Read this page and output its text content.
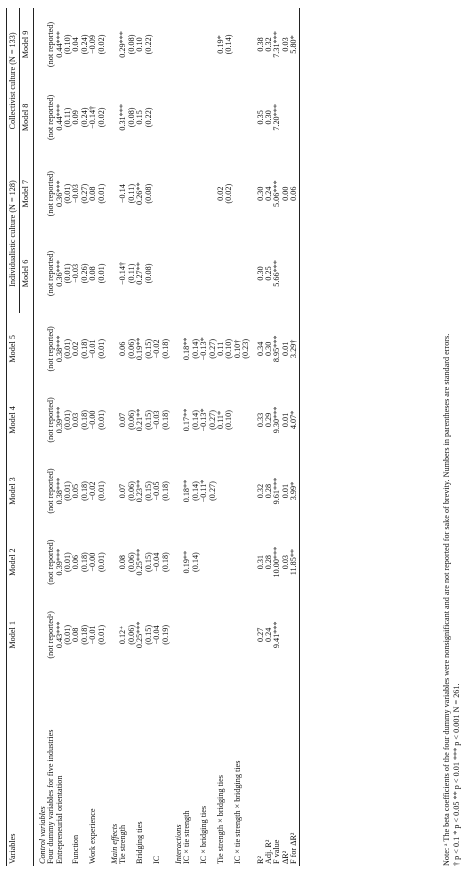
Variables	Model 1	Model 2	Model 3	Model 4	Model 5	Individualistic culture (N = 128)		Collectivist culture (N = 133)	
						Model 6	Model 7	Model 8	Model 9
Control variables									
Four dummy variables for five industries	(not reportedᵃ)	(not reported)	(not reported)	(not reported)	(not reported)	(not reported)	(not reported)	(not reported)	(not reported)
Entrepreneurial orientation	0.43***	0.39***	0.38***	0.39***	0.38***	0.36***	0.36***	0.44***	0.44***
	(0.01)	(0.01)	(0.01)	(0.01)	(0.01)	(0.01)	(0.01)	(0.11)	(0.10)
Function	0.08	0.06	0.05	0.03	0.02	−0.03	−0.03	0.09	0.04
	(0.18)	(0.18)	(0.18)	(0.18)	(0.18)	(0.26)	(0.27)	(0.24)	(0.24)
Work experience	−0.01	−0.00	−0.02	−0.00	−0.01	0.08	0.08	−0.14†	−0.09
	(0.01)	(0.01)	(0.01)	(0.01)	(0.01)	(0.01)	(0.01)	(0.02)	(0.02)
Main effects									
Tie strength	0.12⁺	0.08	0.07	0.07	0.06	−0.14†	−0.14	0.31***	0.29***
	(0.06)	(0.06)	(0.06)	(0.06)	(0.06)	(0.11)	(0.11)	(0.08)	(0.08)
Bridging ties	0.25***	0.25***	0.23**	0.21**	0.19**	0.27**	0.26**	0.15	0.10
	(0.15)	(0.15)	(0.15)	(0.15)	(0.15)	(0.08)	(0.08)	(0.22)	(0.22)
IC	−0.04	−0.04	−0.05	−0.03	−0.02				
	(0.19)	(0.18)	(0.18)	(0.18)	(0.18)				
Interactions									
IC × tie strength		0.19**	0.18**	0.17**	0.18**				
		(0.14)	(0.14)	(0.14)	(0.14)				
IC × bridging ties			−0.11*	−0.13*	−0.13*				
			(0.27)	(0.27)	(0.27)				
Tie strength × bridging ties				0.11*	0.11		0.02		0.19*
				(0.10)	(0.10)		(0.02)		(0.14)
IC × tie strength × bridging ties					0.10†				
					(0.23)				

R²	0.27	0.31	0.32	0.33	0.34	0.30	0.30	0.35	0.38
Adj. R²	0.24	0.28	0.28	0.29	0.30	0.25	0.24	0.30	0.32
F value	9.41***	10.00***	9.61***	9.30***	8.95***	5.66***	5.06***	7.20***	7.31***
ΔR²		0.03	0.01	0.01	0.01		0.00		0.03
F for ΔR²		11.85**	3.99*	4.07*	3.29†		0.06		5.80*
Note: ᵃ The beta coefficients of the four dummy variables were nonsignificant and are not reported for sake of brevity. Numbers in parentheses are standard errors. † p < 0.1 * p < 0.05 ** p < 0.01 *** p < 0.001 N = 261.
